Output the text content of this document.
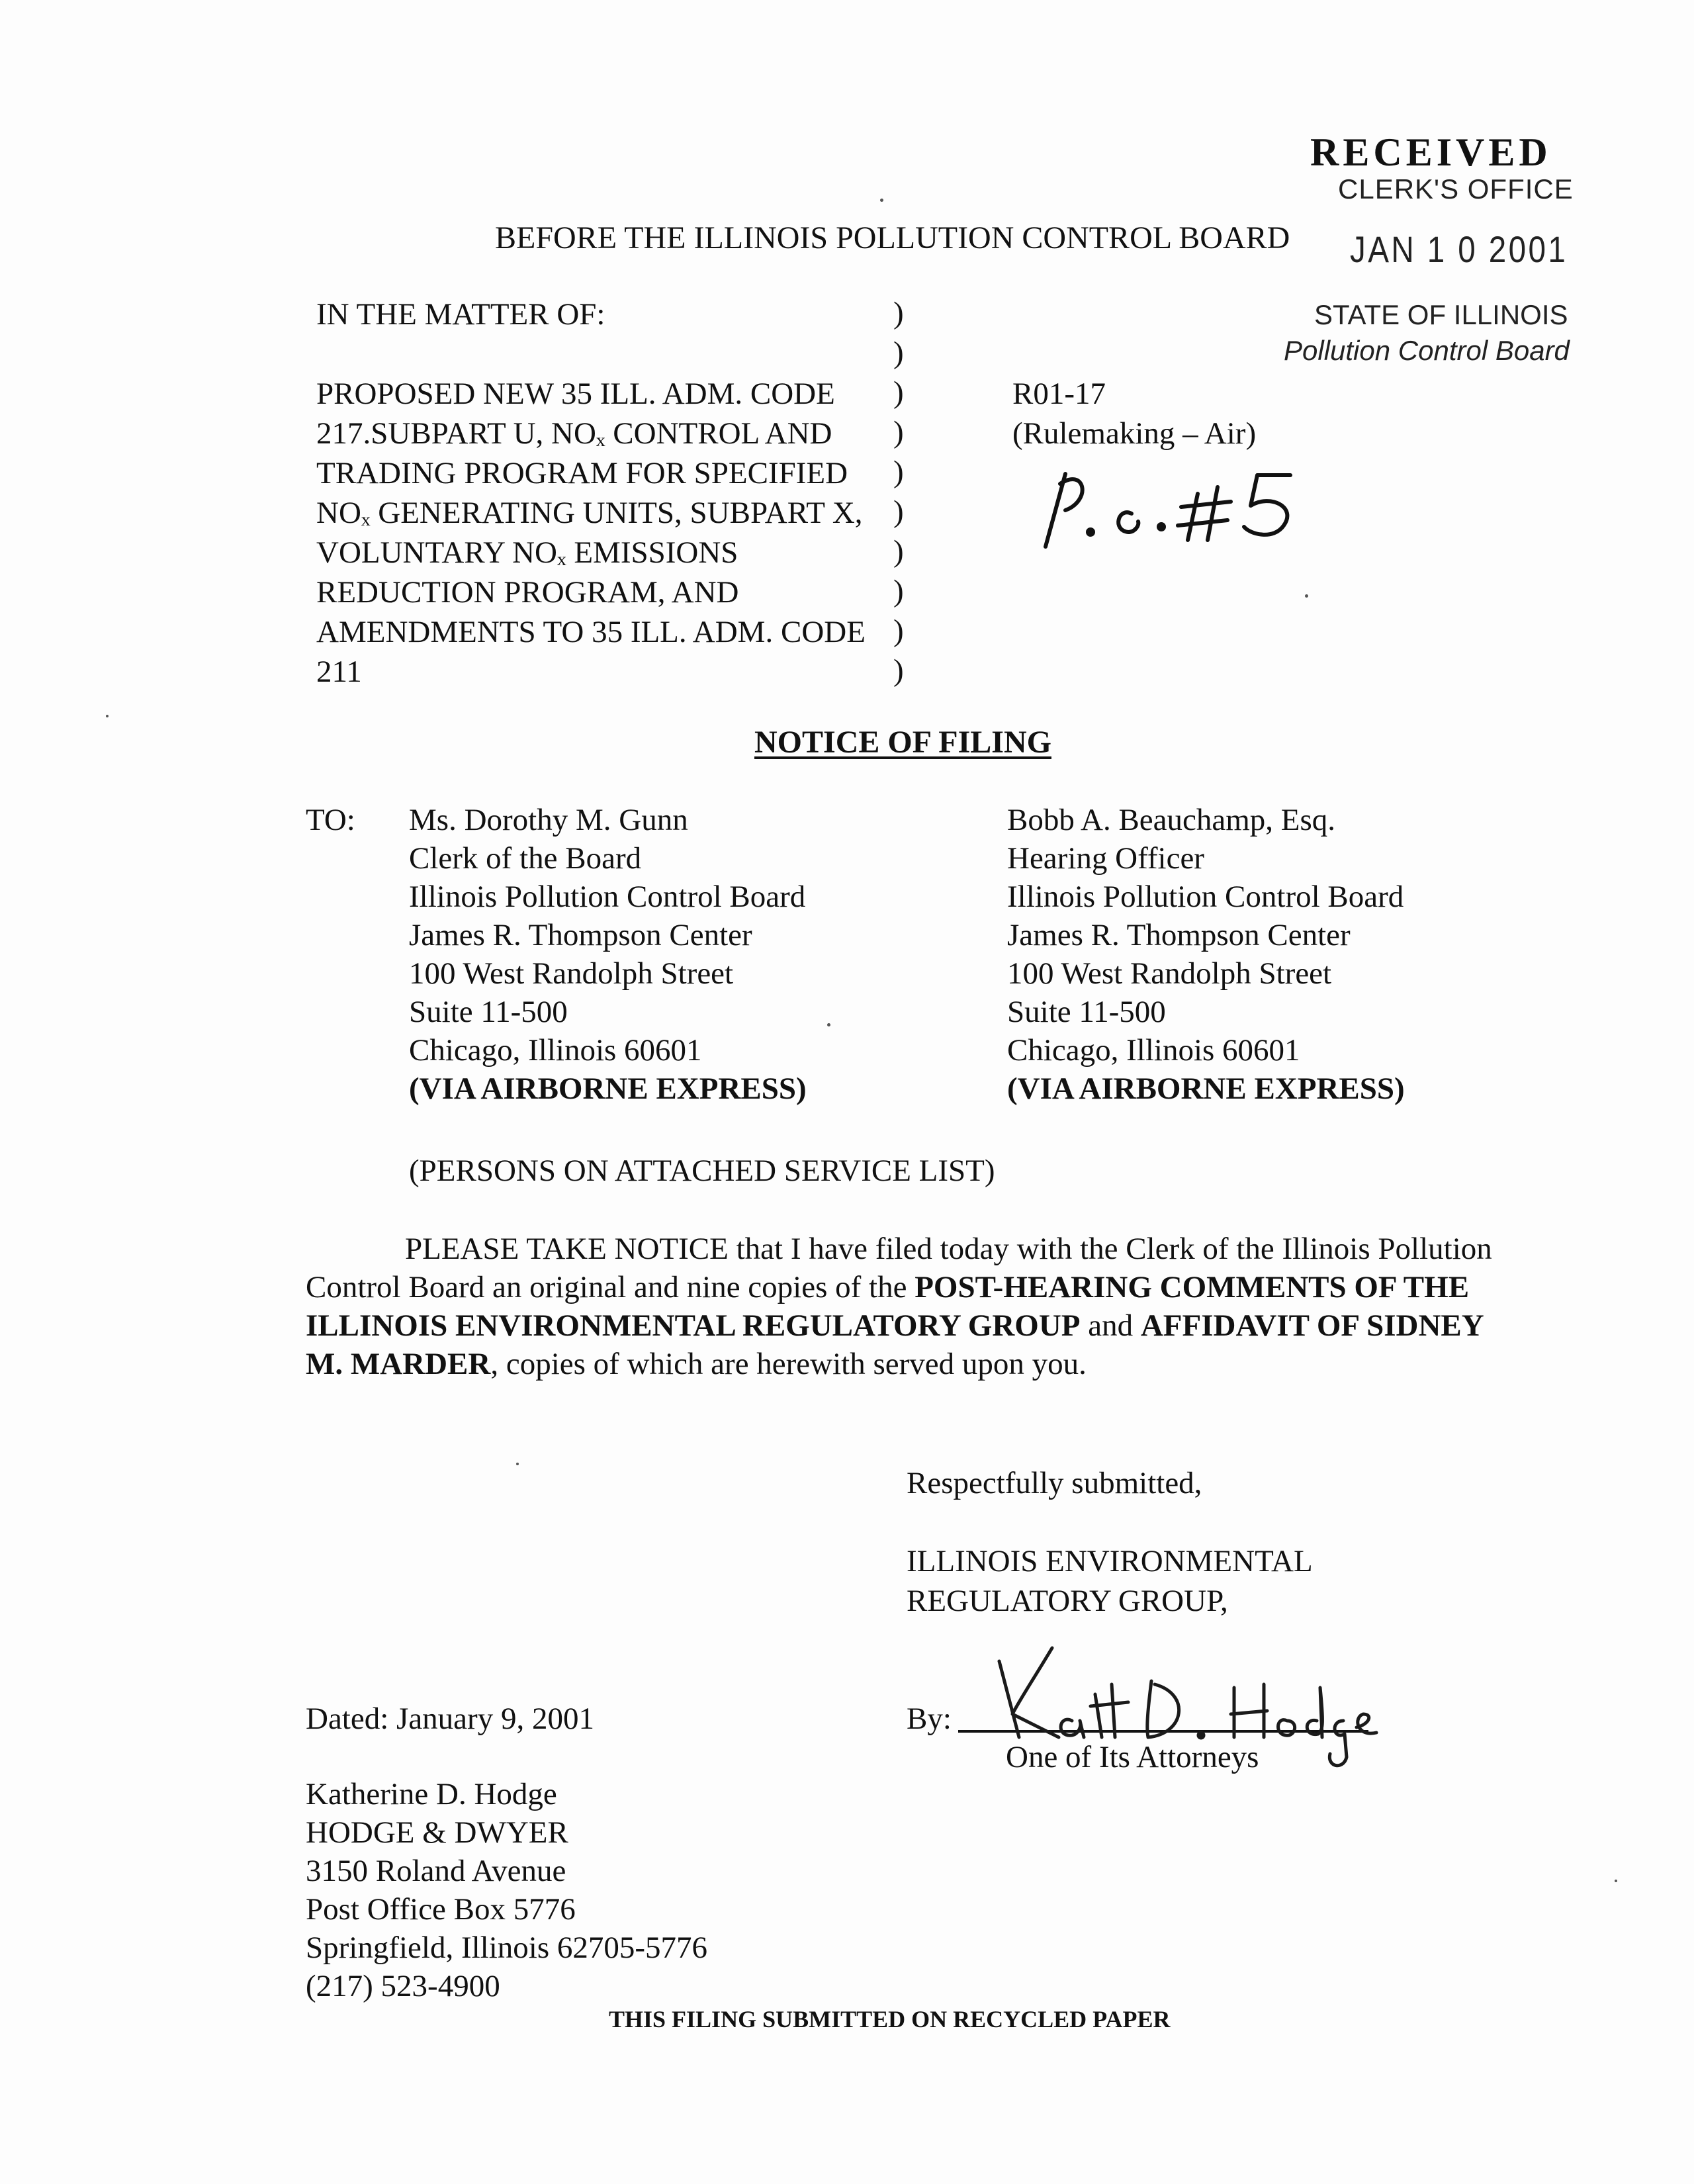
RECEIVED
CLERK'S OFFICE
JAN 1 0 2001
BEFORE THE ILLINOIS POLLUTION CONTROL BOARD
IN THE MATTER OF:
PROPOSED NEW 35 ILL. ADM. CODE
217.SUBPART U, NOₓ CONTROL AND
TRADING PROGRAM FOR SPECIFIED
NOₓ GENERATING UNITS, SUBPART X,
VOLUNTARY NOₓ EMISSIONS
REDUCTION PROGRAM, AND
AMENDMENTS TO 35 ILL. ADM. CODE
211
)
)
)
)
)
)
)
)
)
)
STATE OF ILLINOIS
Pollution Control Board
R01-17
(Rulemaking – Air)
NOTICE OF FILING
TO: Ms. Dorothy M. Gunn
Clerk of the Board
Illinois Pollution Control Board
James R. Thompson Center
100 West Randolph Street
Suite 11-500
Chicago, Illinois 60601
(VIA AIRBORNE EXPRESS)
Bobb A. Beauchamp, Esq.
Hearing Officer
Illinois Pollution Control Board
James R. Thompson Center
100 West Randolph Street
Suite 11-500
Chicago, Illinois 60601
(VIA AIRBORNE EXPRESS)
(PERSONS ON ATTACHED SERVICE LIST)
PLEASE TAKE NOTICE that I have filed today with the Clerk of the Illinois Pollution Control Board an original and nine copies of the POST-HEARING COMMENTS OF THE ILLINOIS ENVIRONMENTAL REGULATORY GROUP and AFFIDAVIT OF SIDNEY M. MARDER, copies of which are herewith served upon you.
Respectfully submitted,
ILLINOIS ENVIRONMENTAL
REGULATORY GROUP,
Dated: January 9, 2001	By:
One of Its Attorneys
Katherine D. Hodge
HODGE & DWYER
3150 Roland Avenue
Post Office Box 5776
Springfield, Illinois 62705-5776
(217) 523-4900
THIS FILING SUBMITTED ON RECYCLED PAPER
